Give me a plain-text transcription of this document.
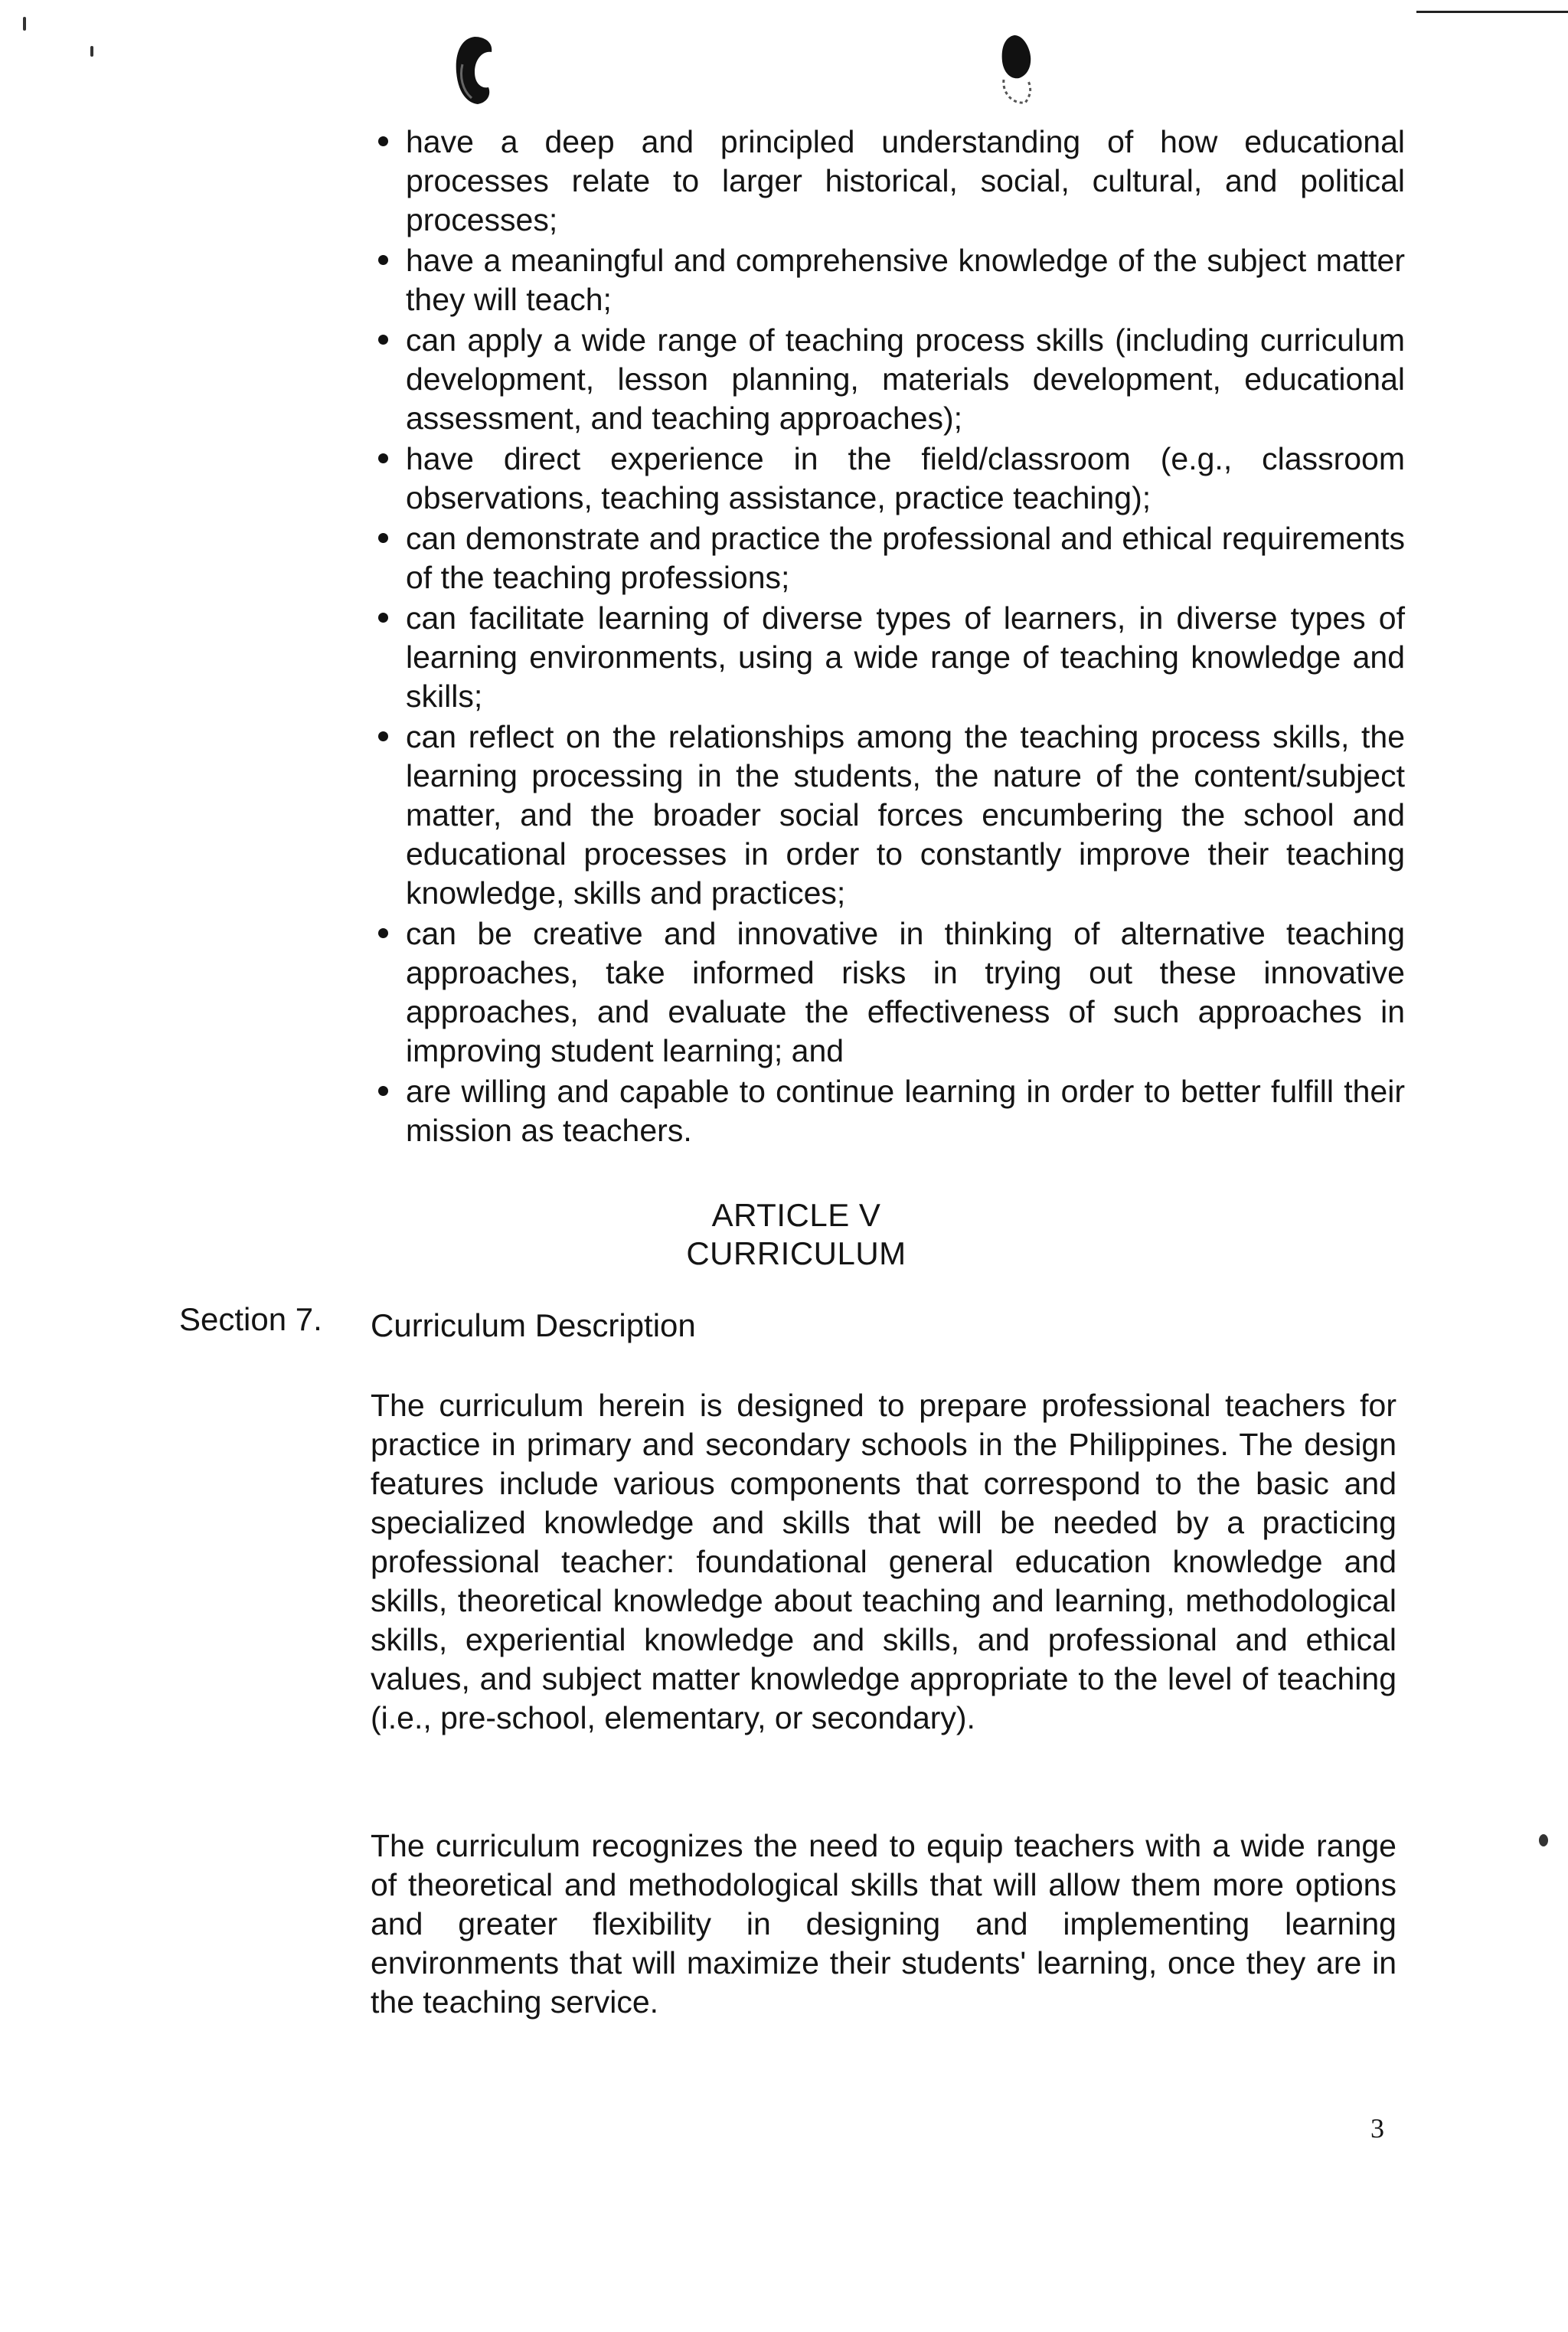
have a deep and principled understanding of how educational processes relate to larger historical, social, cultural, and political processes;
have a meaningful and comprehensive knowledge of the subject matter they will teach;
can apply a wide range of teaching process skills (including curriculum development, lesson planning, materials development, educational assessment, and teaching approaches);
have direct experience in the field/classroom (e.g., classroom observations, teaching assistance, practice teaching);
can demonstrate and practice the professional and ethical requirements of the teaching professions;
can facilitate learning of diverse types of learners, in diverse types of learning environments, using a wide range of teaching knowledge and skills;
can reflect on the relationships among the teaching process skills, the learning processing in the students, the nature of the content/subject matter, and the broader social forces encumbering the school and educational processes in order to constantly improve their teaching knowledge, skills and practices;
can be creative and innovative in thinking of alternative teaching approaches, take informed risks in trying out these innovative approaches, and evaluate the effectiveness of such approaches in improving student learning; and
are willing and capable to continue learning in order to better fulfill their mission as teachers.
ARTICLE V
CURRICULUM
Section 7. Curriculum Description

The curriculum herein is designed to prepare professional teachers for practice in primary and secondary schools in the Philippines. The design features include various components that correspond to the basic and specialized knowledge and skills that will be needed by a practicing professional teacher: foundational general education knowledge and skills, theoretical knowledge about teaching and learning, methodological skills, experiential knowledge and skills, and professional and ethical values, and subject matter knowledge appropriate to the level of teaching (i.e., pre-school, elementary, or secondary).

The curriculum recognizes the need to equip teachers with a wide range of theoretical and methodological skills that will allow them more options and greater flexibility in designing and implementing learning environments that will maximize their students' learning, once they are in the teaching service.

3
